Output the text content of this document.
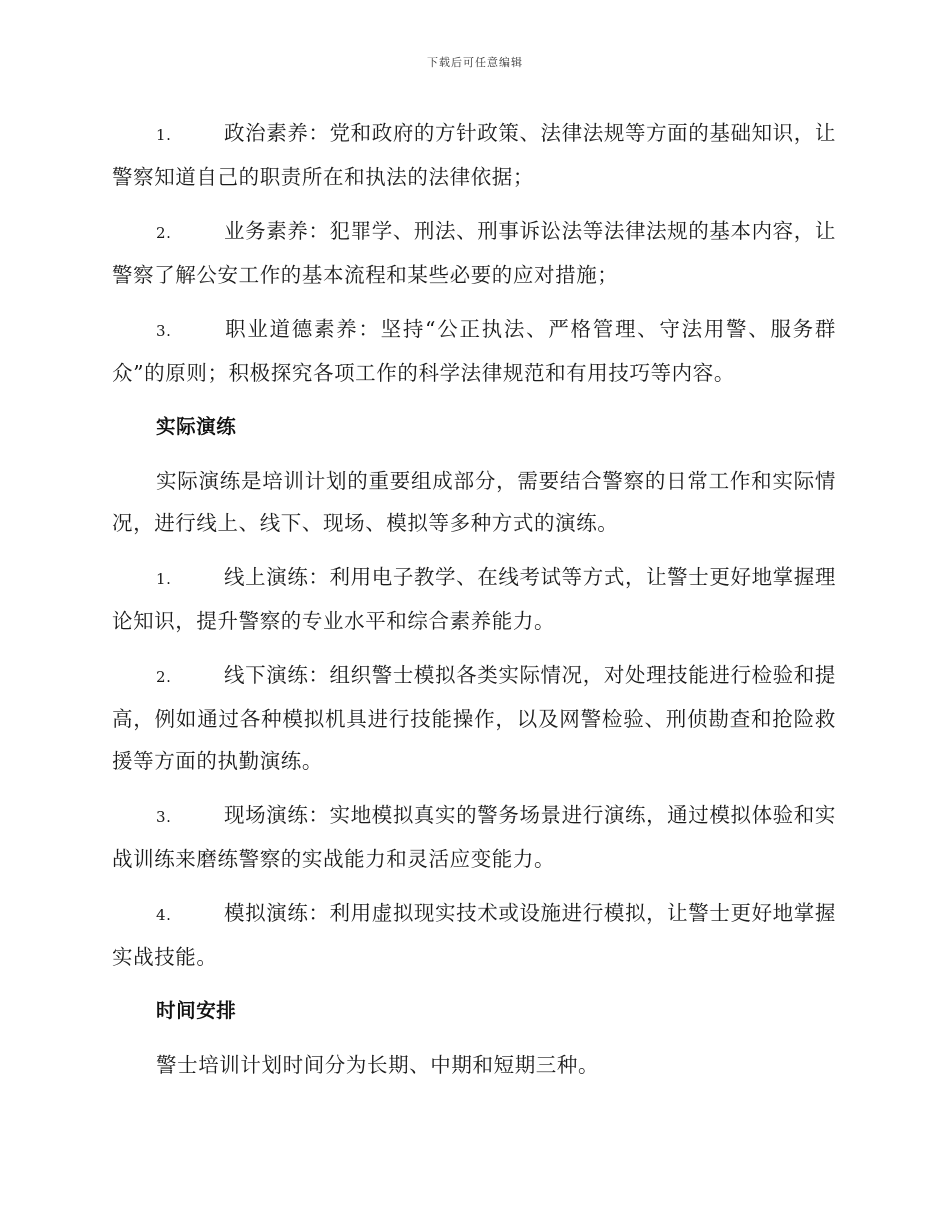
下载后可任意编辑

1.	政治素养：党和政府的方针政策、法律法规等方面的基础知识，让警察知道自己的职责所在和执法的法律依据；

2.	业务素养：犯罪学、刑法、刑事诉讼法等法律法规的基本内容，让警察了解公安工作的基本流程和某些必要的应对措施；

3.	职业道德素养：坚持“公正执法、严格管理、守法用警、服务群众”的原则；积极探究各项工作的科学法律规范和有用技巧等内容。

实际演练

实际演练是培训计划的重要组成部分，需要结合警察的日常工作和实际情况，进行线上、线下、现场、模拟等多种方式的演练。

1.	线上演练：利用电子教学、在线考试等方式，让警士更好地掌握理论知识，提升警察的专业水平和综合素养能力。

2.	线下演练：组织警士模拟各类实际情况，对处理技能进行检验和提高，例如通过各种模拟机具进行技能操作，以及网警检验、刑侦勘查和抢险救援等方面的执勤演练。

3.	现场演练：实地模拟真实的警务场景进行演练，通过模拟体验和实战训练来磨练警察的实战能力和灵活应变能力。

4.	模拟演练：利用虚拟现实技术或设施进行模拟，让警士更好地掌握实战技能。

时间安排

警士培训计划时间分为长期、中期和短期三种。
